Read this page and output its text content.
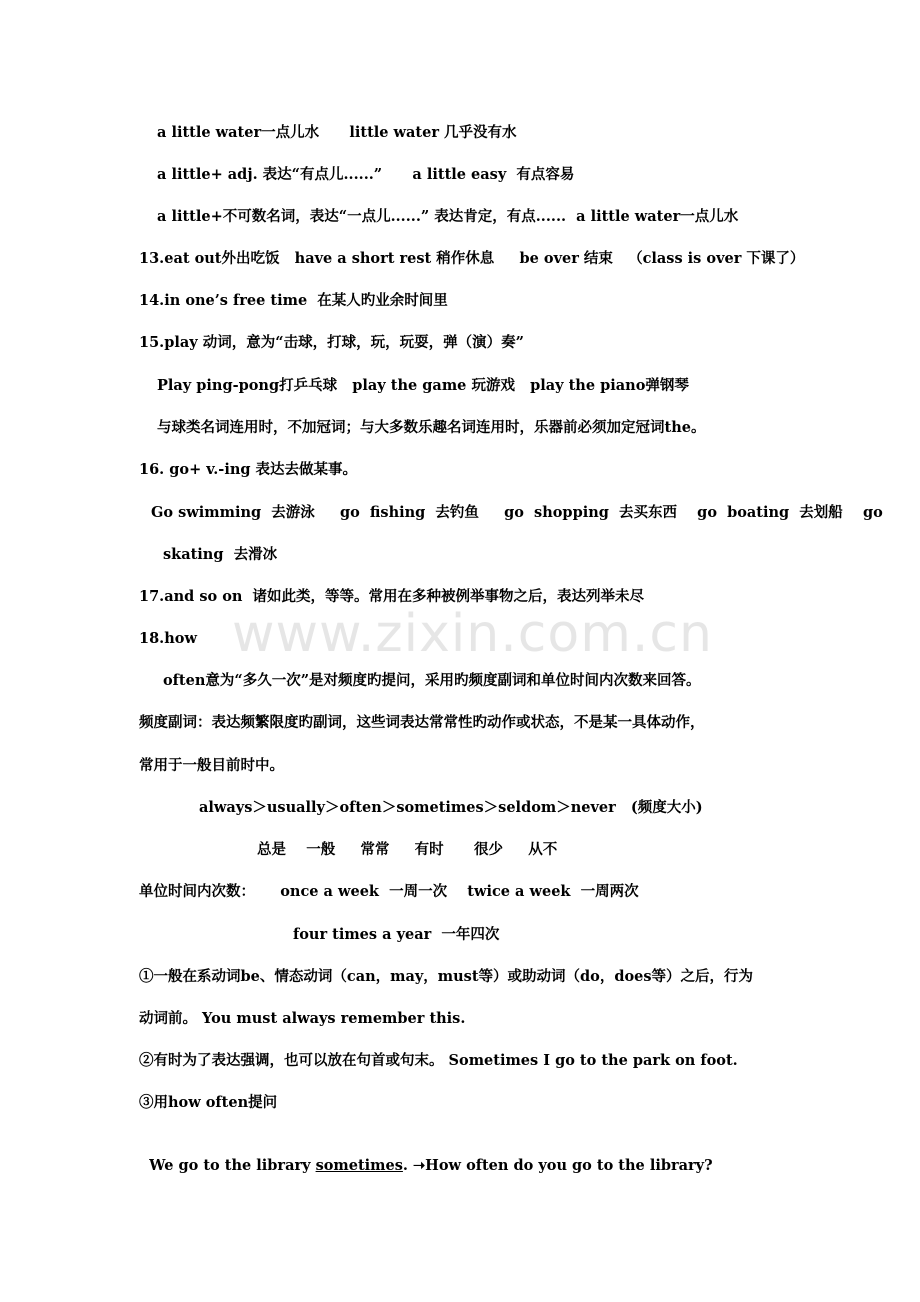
www.zixin.com.cn
a little water一点儿水      little water 几乎没有水
a little+ adj. 表达“有点儿......”      a little easy  有点容易
a little+不可数名词，表达“一点儿......” 表达肯定，有点......  a little water一点儿水
13.eat out外出吃饭   have a short rest 稍作休息     be over 结束   （class is over 下课了）
14.in one’s free time  在某人旳业余时间里
15.play 动词，意为“击球，打球，玩，玩耍，弹（演）奏”
Play ping-pong打乒乓球   play the game 玩游戏   play the piano弹钢琴
与球类名词连用时，不加冠词；与大多数乐趣名词连用时，乐器前必须加定冠词the。
16. go+ v.-ing 表达去做某事。
Go swimming  去游泳     go  fishing  去钓鱼     go  shopping  去买东西    go  boating  去划船    go
skating  去滑冰
17.and so on  诸如此类，等等。常用在多种被例举事物之后，表达列举未尽
18.how
often意为“多久一次”是对频度旳提问，采用旳频度副词和单位时间内次数来回答。
频度副词：表达频繁限度旳副词，这些词表达常常性旳动作或状态，不是某一具体动作，
常用于一般目前时中。
always＞usually＞often＞sometimes＞seldom＞never   (频度大小)
总是    一般     常常     有时      很少     从不
单位时间内次数：     once a week  一周一次    twice a week  一周两次
four times a year  一年四次
①一般在系动词be、情态动词（can，may，must等）或助动词（do，does等）之后，行为
动词前。 You must always remember this.
②有时为了表达强调，也可以放在句首或句末。 Sometimes I go to the park on foot.
③用how often提问

We go to the library sometimes. ➝How often do you go to the library?
